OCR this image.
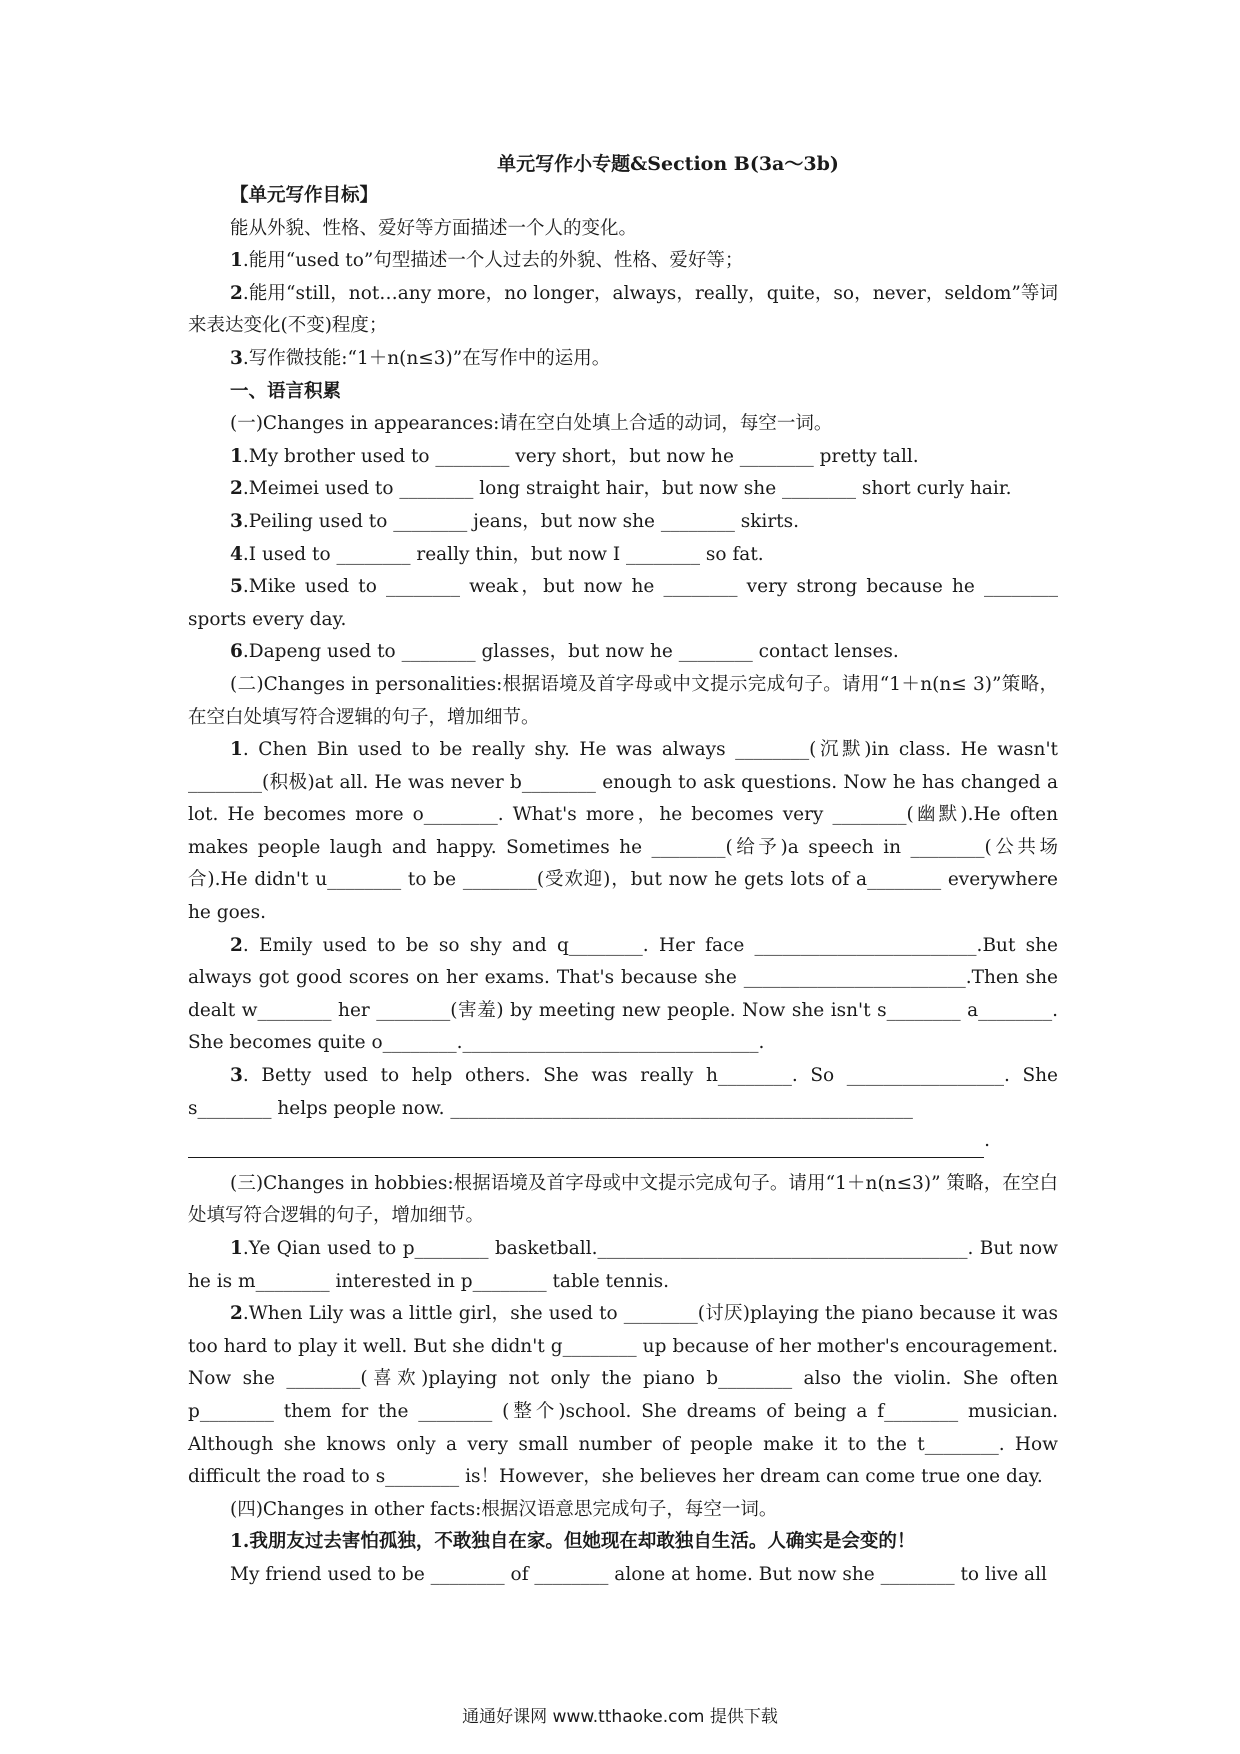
单元写作小专题&Section B(3a～3b)

【单元写作目标】

能从外貌、性格、爱好等方面描述一个人的变化。

1.能用“used to”句型描述一个人过去的外貌、性格、爱好等；

2.能用“still，not…any more，no longer，always，really，quite，so，never，seldom”等词来表达变化(不变)程度；

3.写作微技能:“1＋n(n≤3)”在写作中的运用。

一、语言积累

(一)Changes in appearances:请在空白处填上合适的动词，每空一词。

1.My brother used to ________ very short，but now he ________ pretty tall.

2.Meimei used to ________ long straight hair，but now she ________ short curly hair.

3.Peiling used to ________ jeans，but now she ________ skirts.

4.I used to ________ really thin，but now I ________ so fat.

5.Mike used to ________ weak，but now he ________ very strong because he ________ sports every day.

6.Dapeng used to ________ glasses，but now he ________ contact lenses.

(二)Changes in personalities:根据语境及首字母或中文提示完成句子。请用“1＋n(n≤ 3)”策略，在空白处填写符合逻辑的句子，增加细节。

1. Chen Bin used to be really shy. He was always ________(沉默)in class. He wasn't ________(积极)at all. He was never b________ enough to ask questions. Now he has changed a lot. He becomes more o________. What's more，he becomes very ________(幽默).He often makes people laugh and happy. Sometimes he ________(给予)a speech in ________(公共场合).He didn't u________ to be ________(受欢迎)，but now he gets lots of a________ everywhere he goes.

2. Emily used to be so shy and q________. Her face ________________________.But she always got good scores on her exams. That's because she ________________________.Then she dealt w________ her ________(害羞) by meeting new people. Now she isn't s________ a________. She becomes quite o________.________________________________.

3. Betty used to help others. She was really h________. So _________________. She s________ helps people now. __________________________________________________

.

(三)Changes in hobbies:根据语境及首字母或中文提示完成句子。请用“1＋n(n≤3)” 策略，在空白处填写符合逻辑的句子，增加细节。

1.Ye Qian used to p________ basketball.________________________________________. But now he is m________ interested in p________ table tennis.

2.When Lily was a little girl，she used to ________(讨厌)playing the piano because it was too hard to play it well. But she didn't g________ up because of her mother's encouragement. Now she ________(喜欢)playing not only the piano b________ also the violin. She often p________ them for the ________ (整个)school. She dreams of being a f________ musician. Although she knows only a very small number of people make it to the t________. How difficult the road to s________ is！However，she believes her dream can come true one day.

(四)Changes in other facts:根据汉语意思完成句子，每空一词。

1.我朋友过去害怕孤独，不敢独自在家。但她现在却敢独自生活。人确实是会变的！

My friend used to be ________ of ________ alone at home. But now she ________ to live all

通通好课网 www.tthaoke.com 提供下载
